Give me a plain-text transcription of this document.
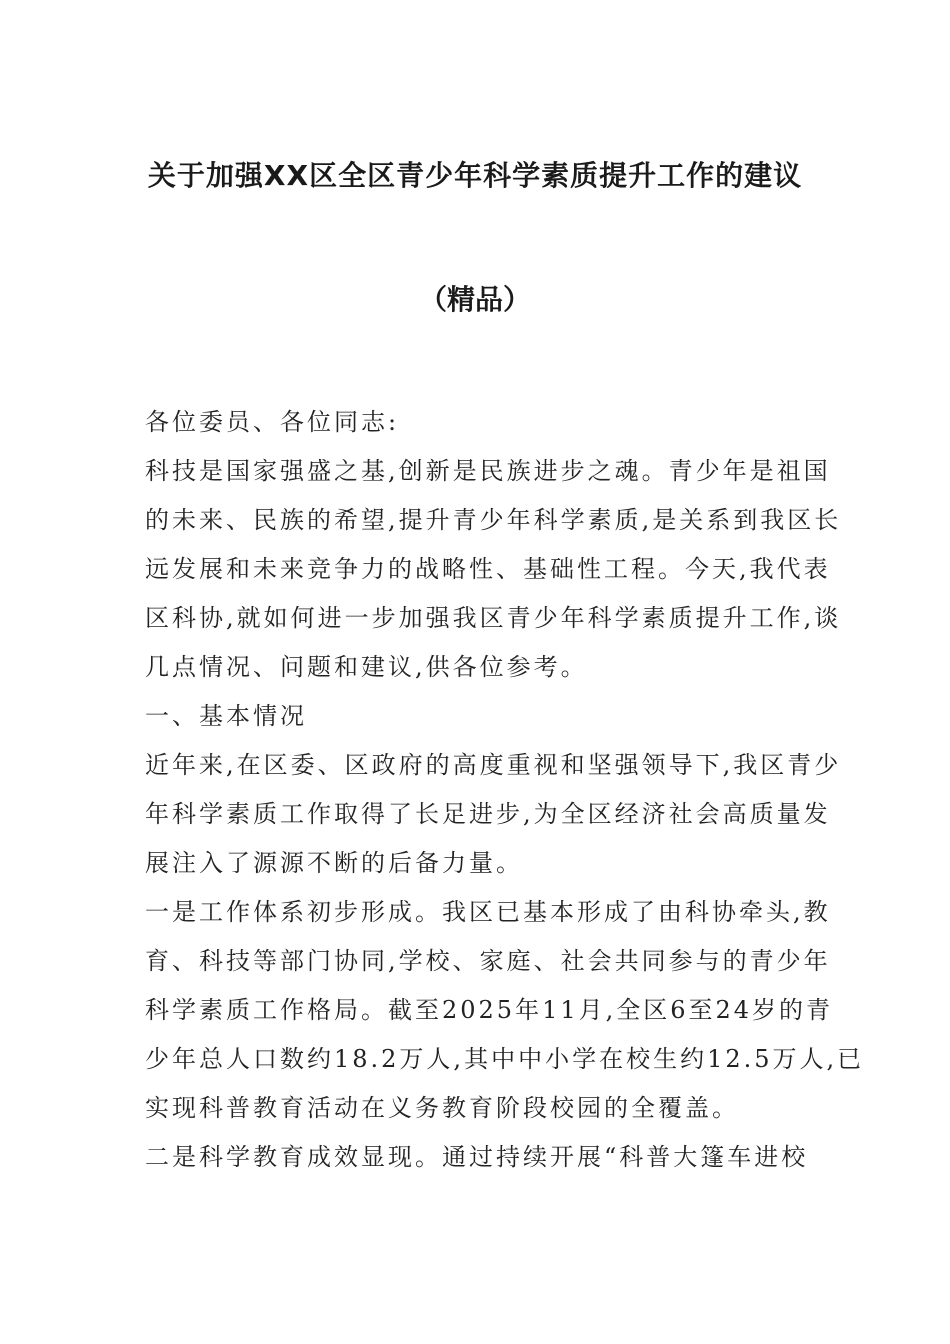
关于加强XX区全区青少年科学素质提升工作的建议
（精品）

各位委员、各位同志:

科技是国家强盛之基,创新是民族进步之魂。青少年是祖国

的未来、民族的希望,提升青少年科学素质,是关系到我区长

远发展和未来竞争力的战略性、基础性工程。今天,我代表

区科协,就如何进一步加强我区青少年科学素质提升工作,谈

几点情况、问题和建议,供各位参考。

一、基本情况

近年来,在区委、区政府的高度重视和坚强领导下,我区青少

年科学素质工作取得了长足进步,为全区经济社会高质量发

展注入了源源不断的后备力量。

一是工作体系初步形成。我区已基本形成了由科协牵头,教

育、科技等部门协同,学校、家庭、社会共同参与的青少年

科学素质工作格局。截至2025年11月,全区6至24岁的青

少年总人口数约18.2万人,其中中小学在校生约12.5万人,已

实现科普教育活动在义务教育阶段校园的全覆盖。

二是科学教育成效显现。通过持续开展“科普大篷车进校
